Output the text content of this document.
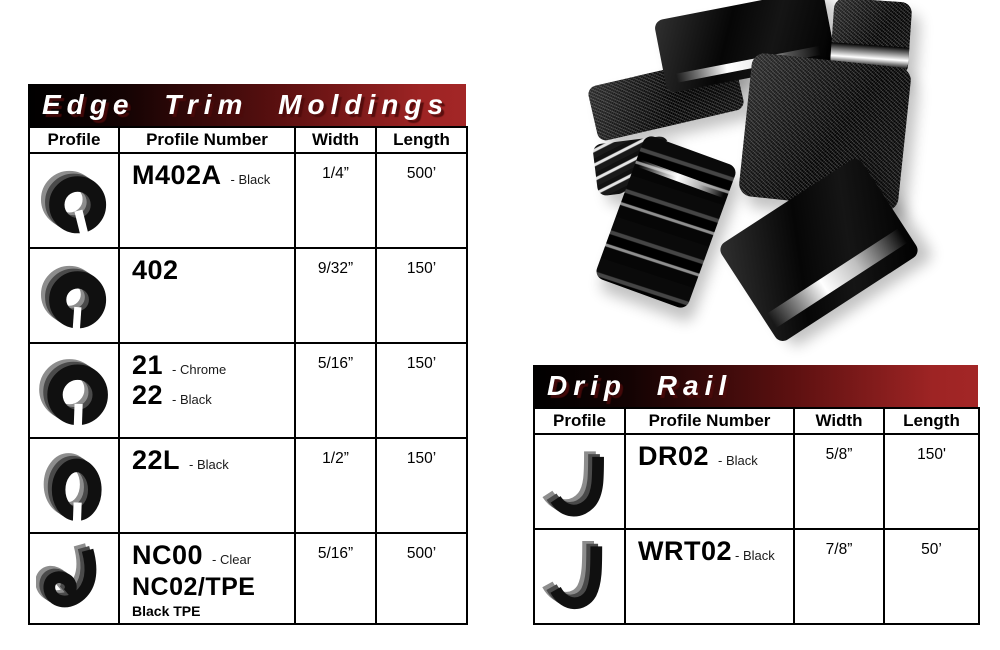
Edge Trim Moldings
Profile	Profile Number	Width	Length

M402A - Black	1/4”	500’

402	9/32”	150’

21 - Chrome
22 - Black	5/16”	150’

22L - Black	1/2”	150’

NC00 - Clear
NC02/TPE
Black TPE	5/16”	500’
Drip Rail
Profile	Profile Number	Width	Length

DR02 - Black	5/8”	150'

WRT02 - Black	7/8”	50’
